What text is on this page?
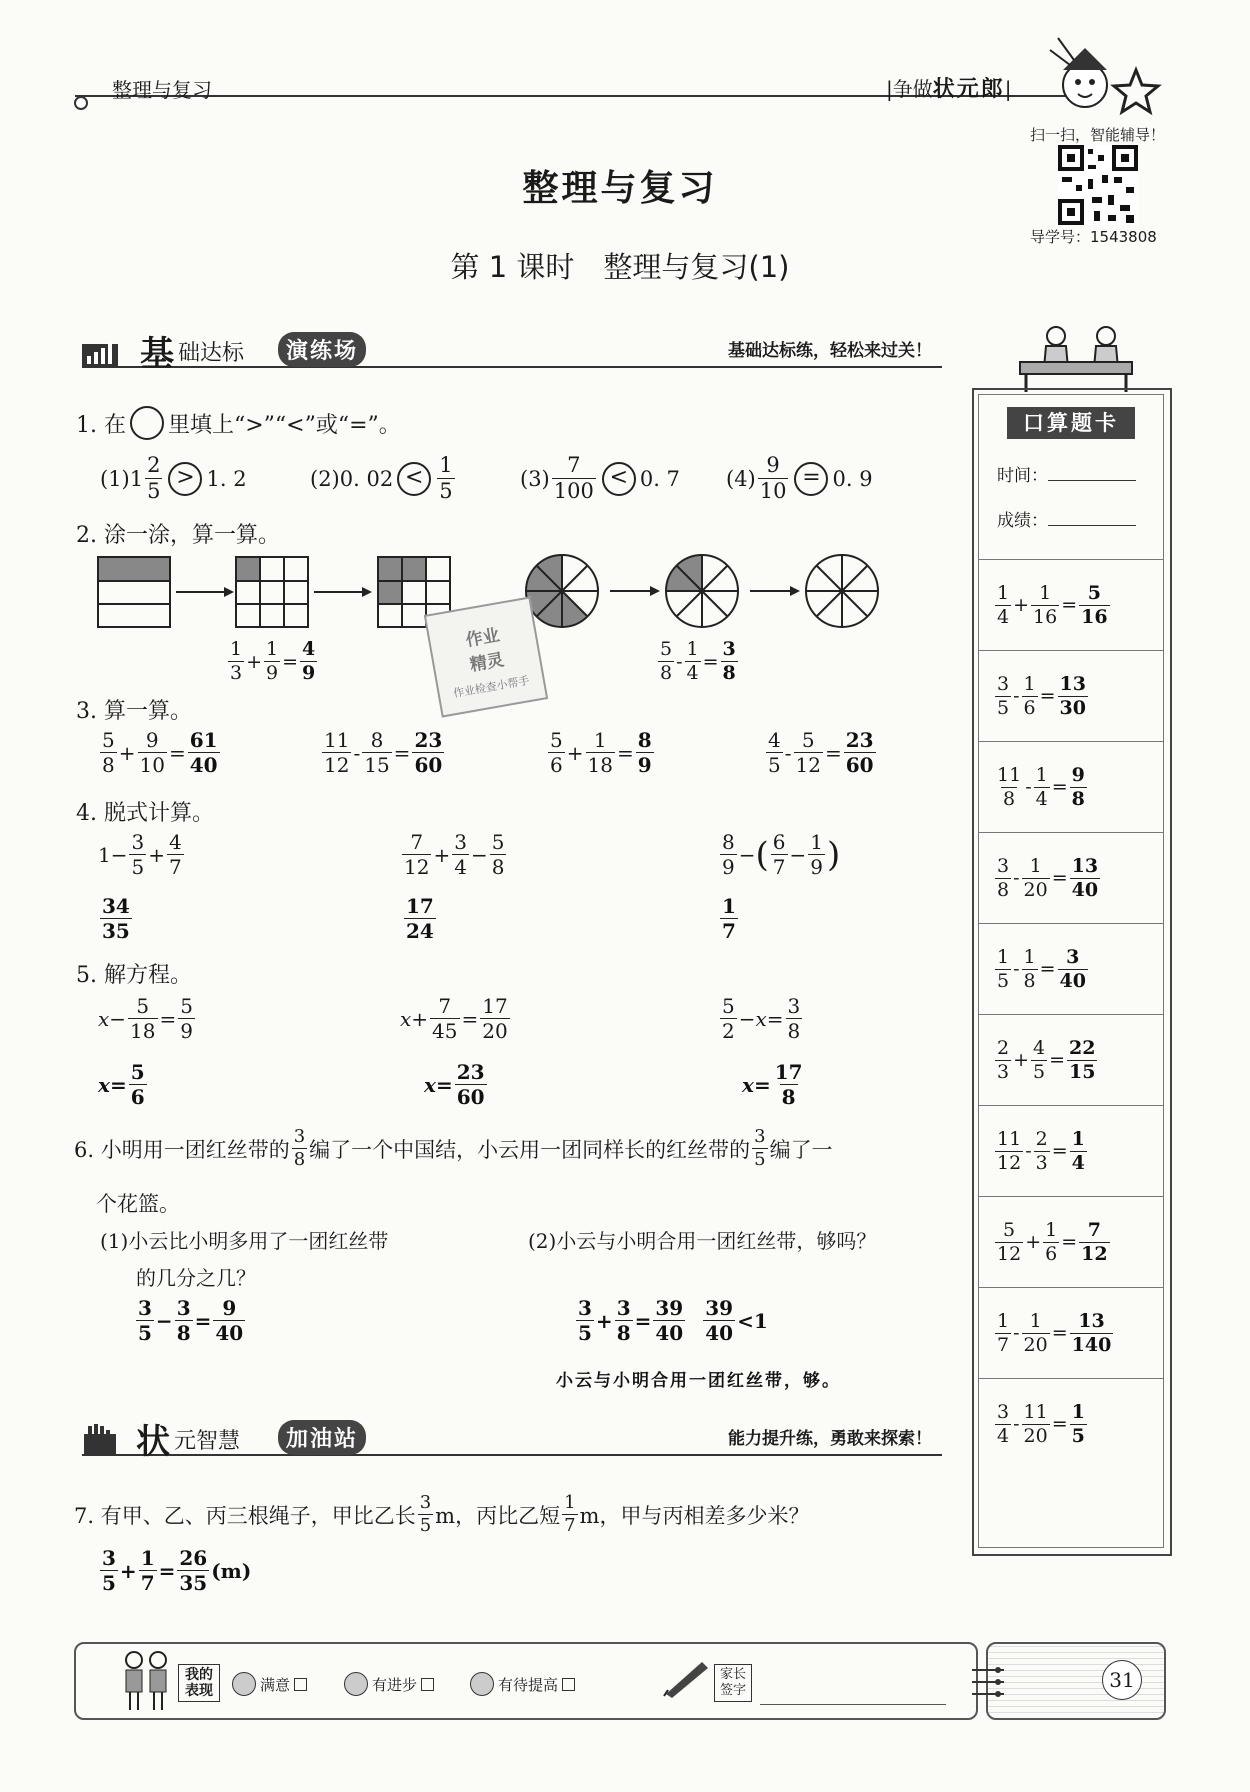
整理与复习	|争做状元郎|
扫一扫，智能辅导！
导学号：1543808
整理与复习
第 1 课时　整理与复习(1)
基 础达标	演练场	基础达标练，轻松来过关！
1. 在 里填上“>”“<”或“=”。
$(1)1 \frac{2}{5} > 1$. 2	(2)0. $02 < \frac{1}{5}$	$(3) \frac{7}{100} < 0$. 7 $(4) \frac{9}{10} = 0$. 9
2. 涂一涂，算一算。
$\frac{1}{3} + \frac{1}{9} = \frac{4}{9}$	$\frac{5}{8} - \frac{1}{4} = \frac{3}{8}$
作业
精灵
作业检查小帮手
3. 算一算。
$\frac{5}{8} + \frac{9}{10} = \frac{61}{40}$	$\frac{11}{12} - \frac{8}{15} = \frac{23}{60}$	$\frac{5}{6} + \frac{1}{18} = \frac{8}{9}$	$\frac{4}{5} - \frac{5}{12} = \frac{23}{60}$
4. 脱式计算。
$1- \frac{3}{5} + \frac{4}{7}$	$\frac{7}{12} + \frac{3}{4} - \frac{5}{8}$	$\frac{8}{9}$ − ( $\frac{6}{7} - \frac{1}{9}$ )
$\frac{34}{35}$	$\frac{17}{24}$	$\frac{1}{7}$
5. 解方程。
$x - \frac{5}{18} = \frac{5}{9}$	$x + \frac{7}{45} = \frac{17}{20}$	$\frac{5}{2} - x = \frac{3}{8}$
$x = \frac{5}{6}$	$x = \frac{23}{60}$	$x = \frac{17}{8}$
6. 小明用一团红丝带的 $\frac{3}{8}$ 编了一个中国结，小云用一团同样长的红丝带的 $\frac{3}{5}$ 编了一
个花篮。
(1)小云比小明多用了一团红丝带
的几分之几？
(2)小云与小明合用一团红丝带，够吗？
$\frac{3}{5} - \frac{3}{8} = \frac{9}{40}$	$\frac{3}{5} + \frac{3}{8} = \frac{39}{40} \frac{39}{40} <1$
小云与小明合用一团红丝带，够。
状 元智慧	加油站	能力提升练，勇敢来探索！
7. 有甲、乙、丙三根绳子，甲比乙长 $\frac{3}{5}$ m，丙比乙短 $\frac{1}{7}$ m，甲与丙相差多少米？
$\frac{3}{5} + \frac{1}{7} = \frac{26}{35} (m)$
口算题卡
时间：
成绩：
$\frac{1}{4} + \frac{1}{16} = \frac{5}{16}$
$\frac{3}{5} - \frac{1}{6} = \frac{13}{30}$
$\frac{11}{8} - \frac{1}{4} = \frac{9}{8}$
$\frac{3}{8} - \frac{1}{20} = \frac{13}{40}$
$\frac{1}{5} - \frac{1}{8} = \frac{3}{40}$
$\frac{2}{3} + \frac{4}{5} = \frac{22}{15}$
$\frac{11}{12} - \frac{2}{3} = \frac{1}{4}$
$\frac{5}{12} + \frac{1}{6} = \frac{7}{12}$
$\frac{1}{7} - \frac{1}{20} = \frac{13}{140}$
$\frac{3}{4} - \frac{11}{20} = \frac{1}{5}$
我的表现	满意	有进步	有待提高
家长签字	31
